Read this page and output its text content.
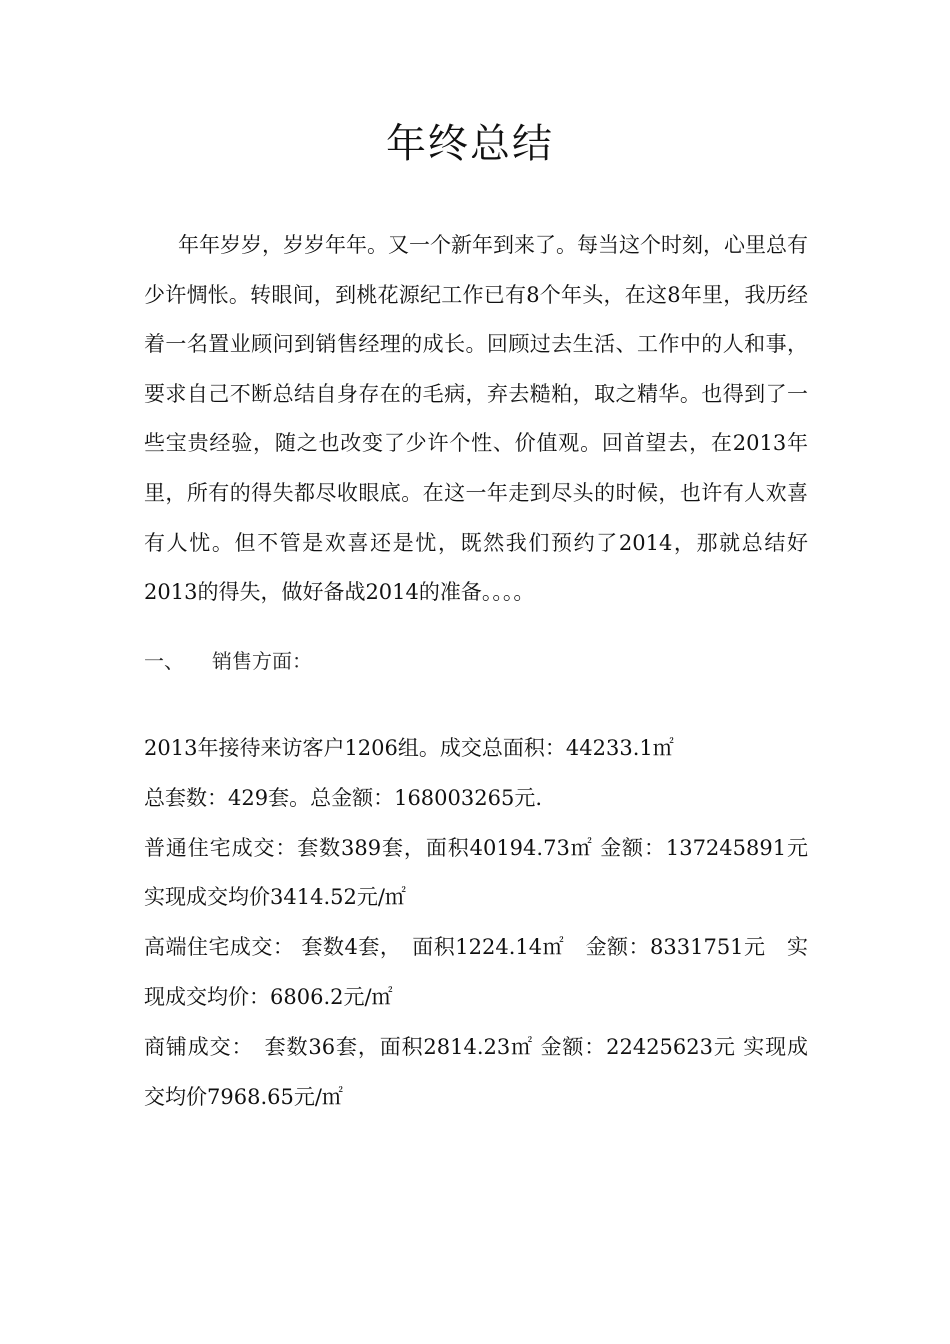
年终总结

年年岁岁，岁岁年年。又一个新年到来了。每当这个时刻，心里总有少许惆怅。转眼间，到桃花源纪工作已有8个年头，在这8年里，我历经着一名置业顾问到销售经理的成长。回顾过去生活、工作中的人和事，要求自己不断总结自身存在的毛病，弃去糙粕，取之精华。也得到了一些宝贵经验，随之也改变了少许个性、价值观。回首望去，在2013年里，所有的得失都尽收眼底。在这一年走到尽头的时候，也许有人欢喜有人忧。但不管是欢喜还是忧，既然我们预约了2014，那就总结好2013的得失，做好备战2014的准备。。。。

一、 销售方面：
2013年接待来访客户1206组。成交总面积：44233.1㎡
总套数：429套。总金额：168003265元.
普通住宅成交：套数389套，面积40194.73㎡ 金额：137245891元 实现成交均价3414.52元/㎡
高端住宅成交： 套数4套，　面积1224.14㎡　金额：8331751元　实现成交均价：6806.2元/㎡
商铺成交：　套数36套，面积2814.23㎡ 金额：22425623元 实现成交均价7968.65元/㎡
